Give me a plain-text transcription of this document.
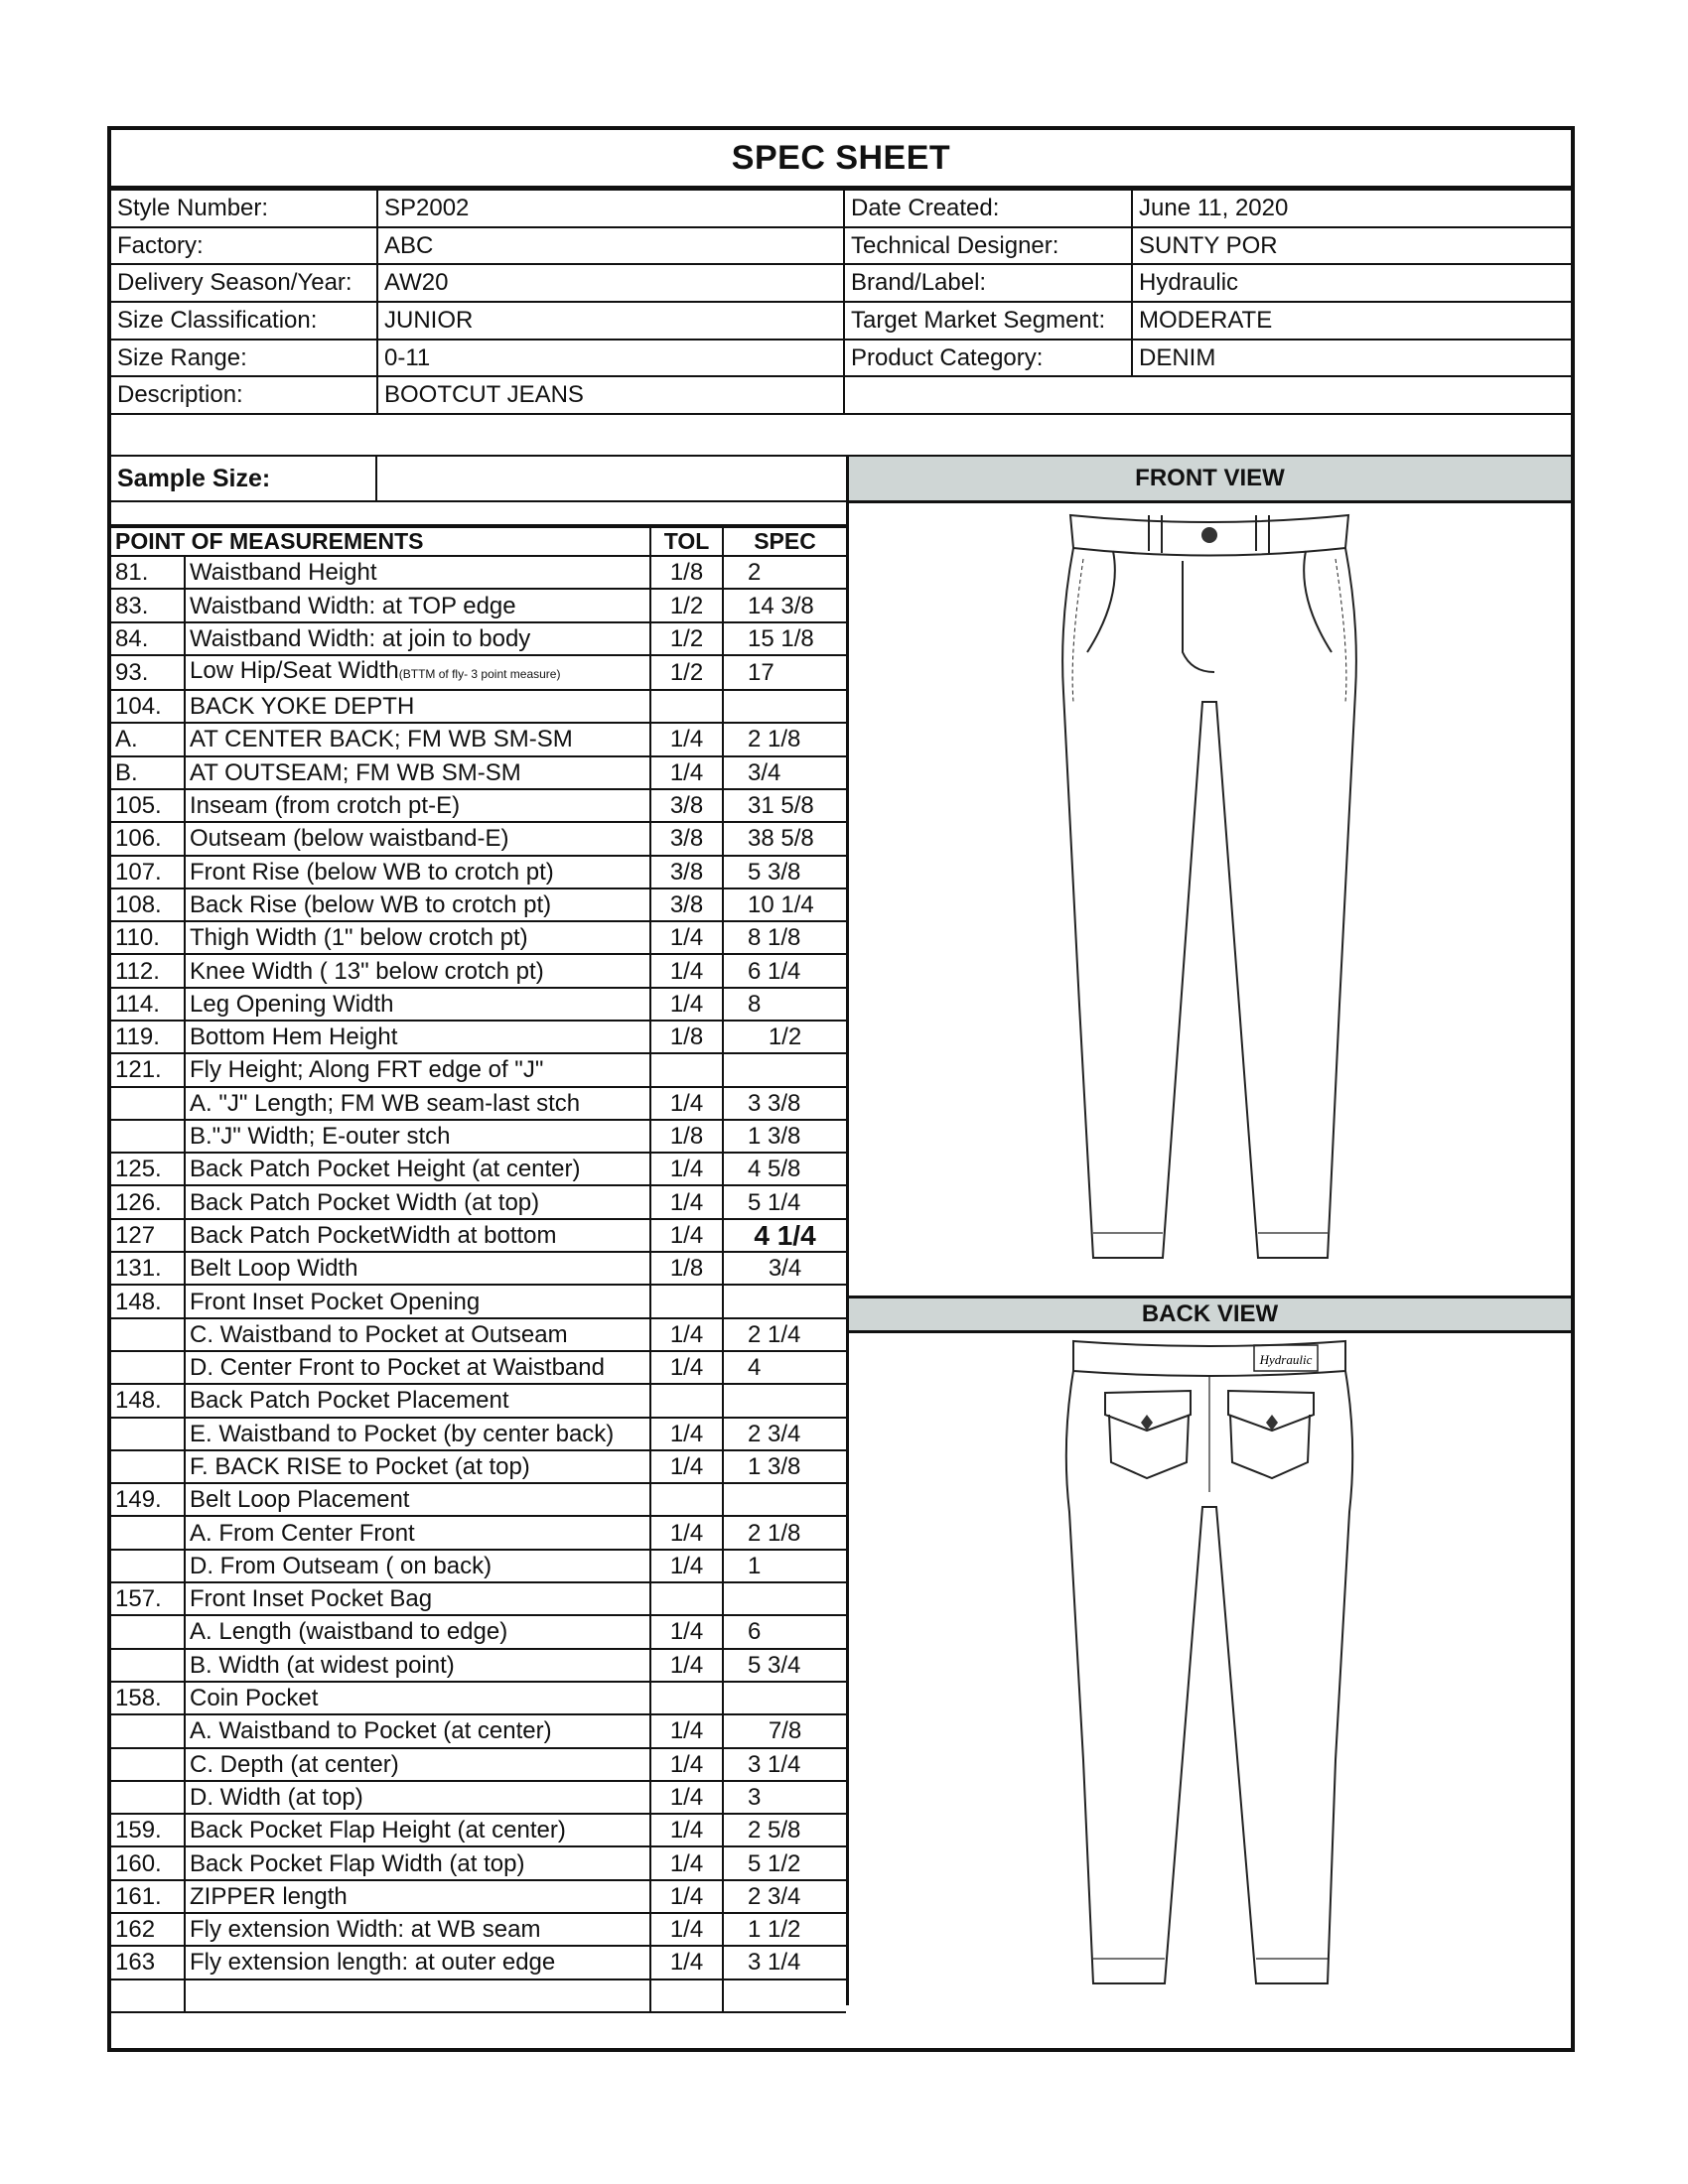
SPEC SHEET
Style Number:	SP2002	Date Created:	June 11, 2020
Factory:	ABC	Technical Designer:	SUNTY POR
Delivery Season/Year:	AW20	Brand/Label:	Hydraulic
Size Classification:	JUNIOR	Target Market Segment:	MODERATE
Size Range:	0-11	Product Category:	DENIM
Description:	BOOTCUT JEANS		
Sample Size:
POINT OF MEASUREMENTS		TOL	SPEC
81.	Waistband Height	1/8	2
83.	Waistband Width: at TOP edge	1/2	14 3/8
84.	Waistband Width: at join to body	1/2	15 1/8
93.	Low Hip/Seat Width(BTTM of fly- 3 point measure)	1/2	17
104.	BACK YOKE DEPTH		
A.	AT CENTER BACK; FM WB SM-SM	1/4	2 1/8
B.	AT OUTSEAM; FM WB SM-SM	1/4	3/4
105.	Inseam (from crotch pt-E)	3/8	31 5/8
106.	Outseam (below waistband-E)	3/8	38 5/8
107.	Front Rise (below WB to crotch pt)	3/8	5 3/8
108.	Back Rise (below WB to crotch pt)	3/8	10 1/4
110.	Thigh Width (1" below crotch pt)	1/4	8 1/8
112.	Knee Width ( 13" below crotch pt)	1/4	6 1/4
114.	Leg Opening Width	1/4	8
119.	Bottom Hem Height	1/8	1/2
121.	Fly Height; Along FRT edge of "J"		
	A. "J" Length; FM WB seam-last stch	1/4	3 3/8
	B."J" Width; E-outer stch	1/8	1 3/8
125.	Back Patch Pocket Height (at center)	1/4	4 5/8
126.	Back Patch Pocket Width (at top)	1/4	5 1/4
127	Back Patch PocketWidth at bottom	1/4	4 1/4
131.	Belt Loop Width	1/8	3/4
148.	Front Inset Pocket Opening		
	C. Waistband to Pocket at Outseam	1/4	2 1/4
	D. Center Front to Pocket at Waistband	1/4	4
148.	Back Patch Pocket Placement		
	E. Waistband to Pocket (by center back)	1/4	2 3/4
	F. BACK RISE to Pocket (at top)	1/4	1 3/8
149.	Belt Loop Placement		
	A. From Center Front	1/4	2 1/8
	D. From Outseam ( on back)	1/4	1
157.	Front Inset Pocket Bag		
	A. Length (waistband to edge)	1/4	6
	B. Width (at widest point)	1/4	5 3/4
158.	Coin Pocket		
	A. Waistband to Pocket (at center)	1/4	7/8
	C. Depth (at center)	1/4	3 1/4
	D. Width (at top)	1/4	3
159.	Back Pocket Flap Height (at center)	1/4	2 5/8
160.	Back Pocket Flap Width (at top)	1/4	5 1/2
161.	ZIPPER length	1/4	2 3/4
162	Fly extension Width: at WB seam	1/4	1 1/2
163	Fly extension length: at outer edge	1/4	3 1/4

FRONT VIEW
BACK VIEW
Hydraulic
